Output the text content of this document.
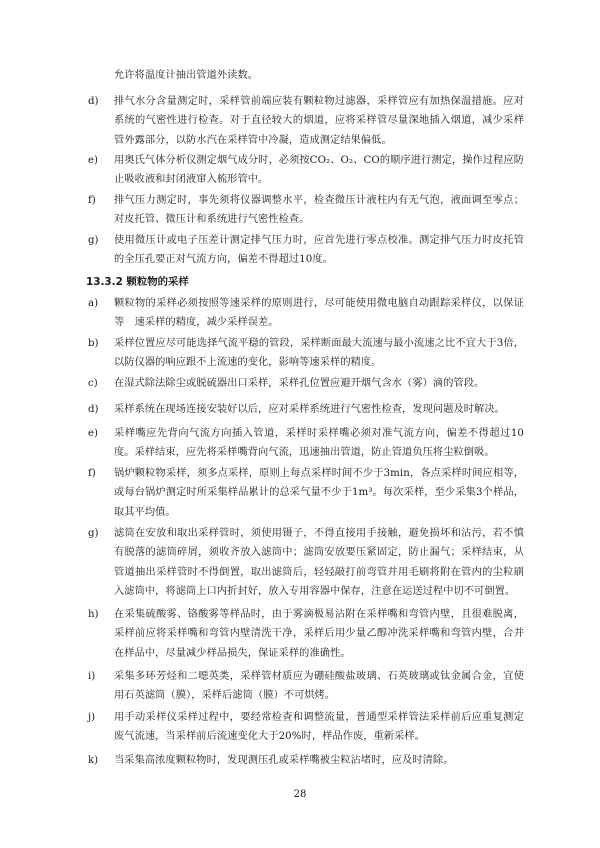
允许将温度计抽出管道外读数。
d)	排气水分含量测定时，采样管前端应装有颗粒物过滤器，采样管应有加热保温措施。应对系统的气密性进行检查。对于直径较大的烟道，应将采样管尽量深地插入烟道，减少采样管外露部分，以防水汽在采样管中冷凝，造成测定结果偏低。
e)	用奥氏气体分析仪测定烟气成分时，必须按CO₂、O₂、CO的顺序进行测定，操作过程应防止吸收液和封闭液窜入梳形管中。
f)	排气压力测定时，事先须将仪器调整水平，检查微压计液柱内有无气泡，液面调至零点；对皮托管、微压计和系统进行气密性检查。
g)	使用微压计或电子压差计测定排气压力时，应首先进行零点校准。测定排气压力时皮托管的全压孔要正对气流方向，偏差不得超过10度。
13.3.2 颗粒物的采样
a)	颗粒物的采样必须按照等速采样的原则进行，尽可能使用微电脑自动跟踪采样仪，以保证等　速采样的精度，减少采样误差。
b)	采样位置应尽可能选择气流平稳的管段，采样断面最大流速与最小流速之比不宜大于3倍，以防仪器的响应跟不上流速的变化，影响等速采样的精度。
c)	在湿式除法除尘或脱硫器出口采样，采样孔位置应避开烟气含水（雾）滴的管段。
d)	采样系统在现场连接安装好以后，应对采样系统进行气密性检查，发现问题及时解决。
e)	采样嘴应先背向气流方向插入管道，采样时采样嘴必须对准气流方向，偏差不得超过10度。采样结束，应先将采样嘴背向气流，迅速抽出管道，防止管道负压将尘粒倒吸。
f)	锅炉颗粒物采样，须多点采样，原则上每点采样时间不少于3min，各点采样时间应相等，或每台锅炉测定时所采集样品累计的总采气量不少于1m³。每次采样，至少采集3个样品，取其平均值。
g)	滤筒在安放和取出采样管时，须使用镊子，不得直接用手接触，避免损坏和沾污，若不慎有脱落的滤筒碎屑，须收齐放入滤筒中；滤筒安放要压紧固定，防止漏气；采样结束，从管道抽出采样管时不得倒置，取出滤筒后，轻轻敲打前弯管并用毛刷将附在管内的尘粒刷入滤筒中，将滤筒上口内折封好，放入专用容器中保存，注意在运送过程中切不可倒置。
h)	在采集硫酸雾、铬酸雾等样品时，由于雾滴极易沾附在采样嘴和弯管内壁，且很难脱离，采样前应将采样嘴和弯管内壁清洗干净，采样后用少量乙醇冲洗采样嘴和弯管内壁，合并在样品中，尽量减少样品损失，保证采样的准确性。
i)	采集多环芳烃和二噁英类，采样管材质应为硼硅酸盐玻璃、石英玻璃或钛金属合金，宜使用石英滤筒（膜），采样后滤筒（膜）不可烘烤。
j)	用手动采样仪采样过程中，要经常检查和调整流量，普通型采样管法采样前后应重复测定废气流速，当采样前后流速变化大于20%时，样品作废，重新采样。
k)	当采集高浓度颗粒物时，发现测压孔或采样嘴被尘粒沾堵时，应及时清除。
28
